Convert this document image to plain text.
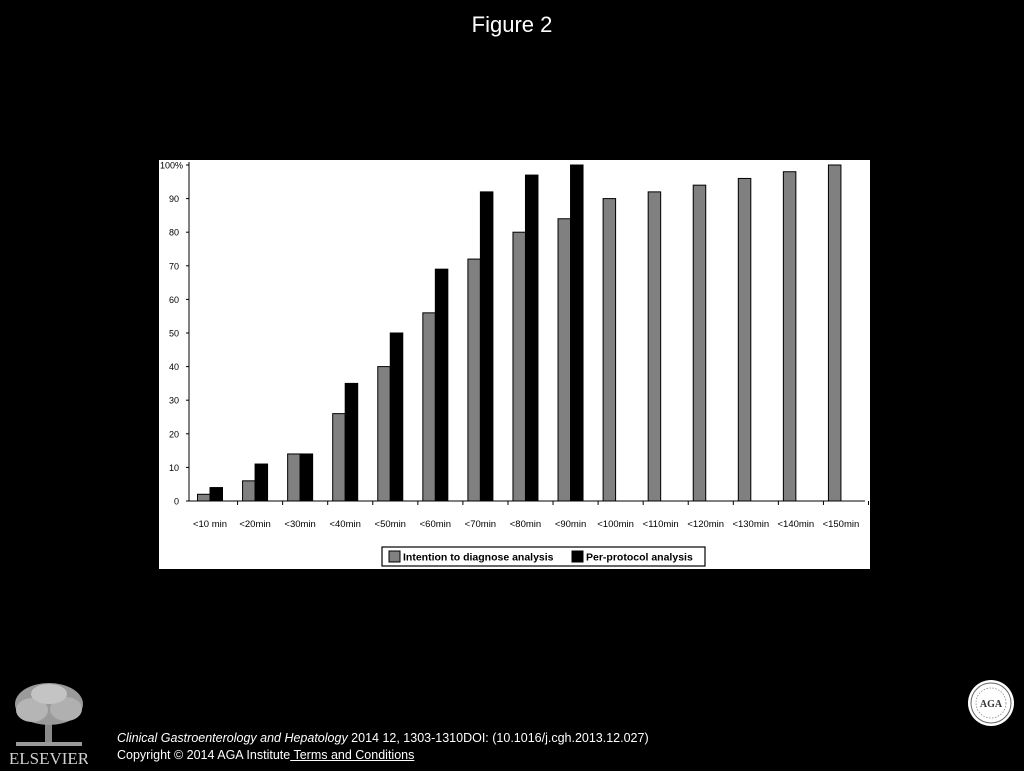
Figure 2
0
10
20
30
40
50
60
70
80
90
100%
<10 min <20min <30min <40min <50min <60min <70min <80min <90min <100min <110min <120min <130min <140min <150min
Intention to diagnose analysis	Per-protocol analysis
ELSEVIER
AGA
Clinical Gastroenterology and Hepatology 2014 12, 1303-1310DOI: (10.1016/j.cgh.2013.12.027)
Copyright © 2014 AGA Institute Terms and Conditions
